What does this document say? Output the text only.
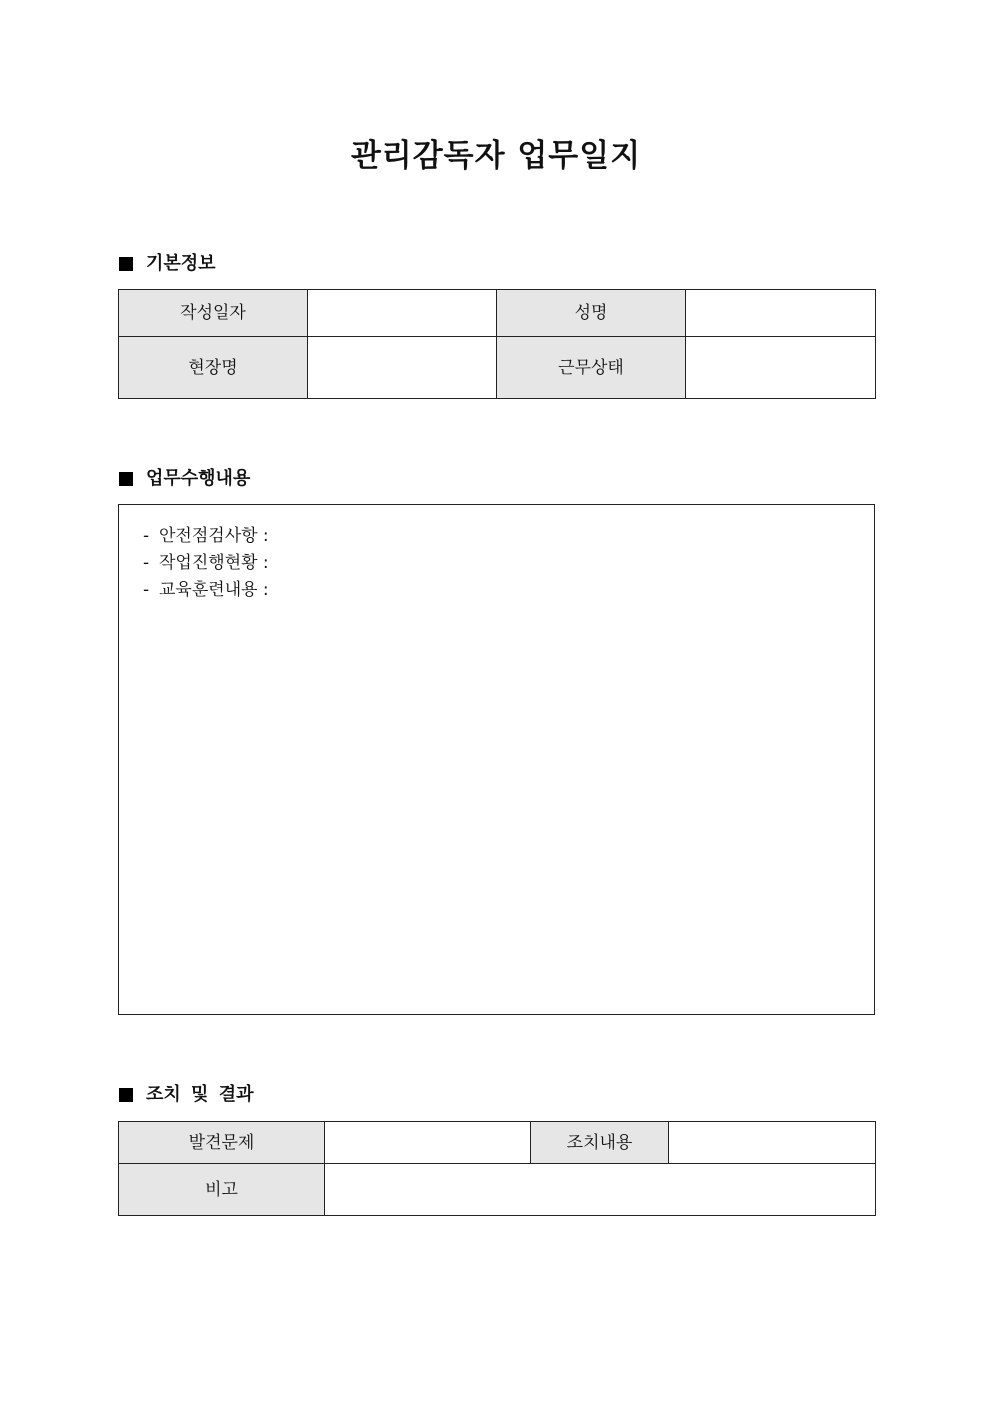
관리감독자 업무일지
기본정보
작성일자		성명	
현장명		근무상태	
업무수행내용
- 안전점검사항 :
- 작업진행현황 :
- 교육훈련내용 :
조치 및 결과
발견문제		조치내용	
비고			
